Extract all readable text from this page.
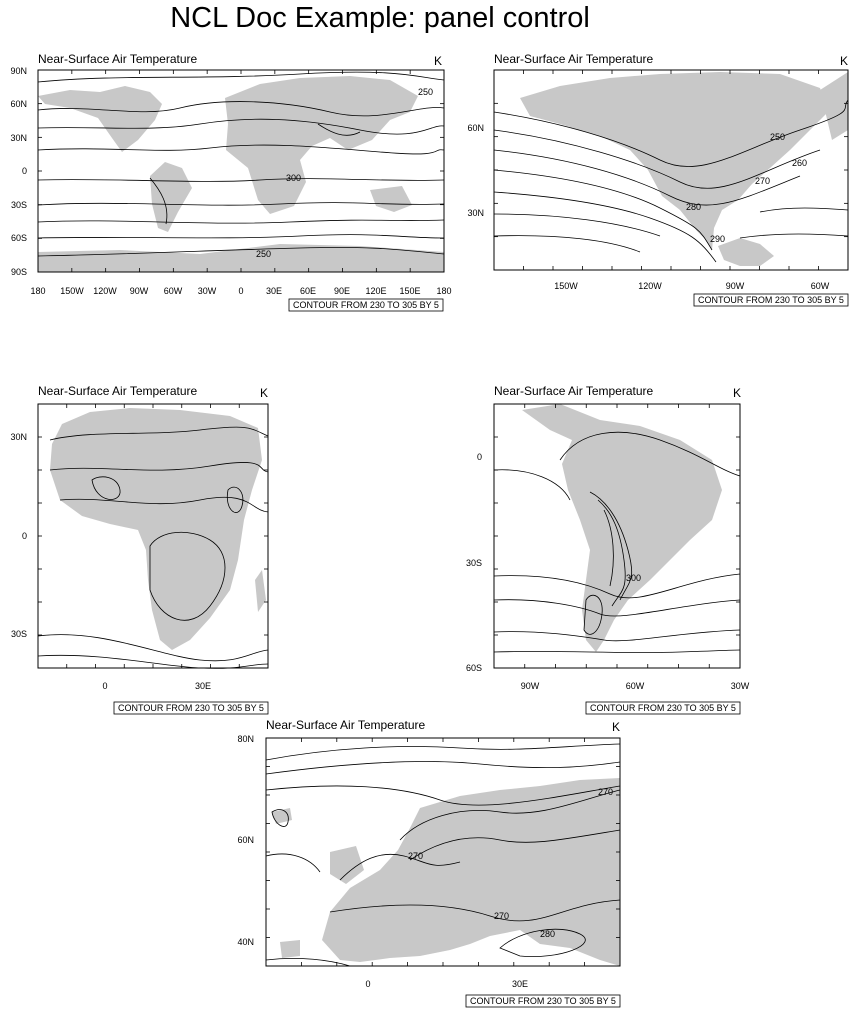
NCL Doc Example: panel control
Near-Surface Air Temperature	K
180 150W 120W 90W 60W 30W 0 30E 60E 90E 120E 150E 180
90N
60N
30N
0
30S
60S
90S
250
300
250
CONTOUR FROM 230 TO 305 BY 5
Near-Surface Air Temperature	K
150W	120W	90W	60W
60N
30N
250
260
270
280
290
CONTOUR FROM 230 TO 305 BY 5
Near-Surface Air Temperature	K
0	30E
30N
0
30S
CONTOUR FROM 230 TO 305 BY 5
Near-Surface Air Temperature	K
90W	60W	30W
0
30S
60S
300
CONTOUR FROM 230 TO 305 BY 5
Near-Surface Air Temperature	K
0	30E
80N
60N
40N
270
270
270
280
CONTOUR FROM 230 TO 305 BY 5
